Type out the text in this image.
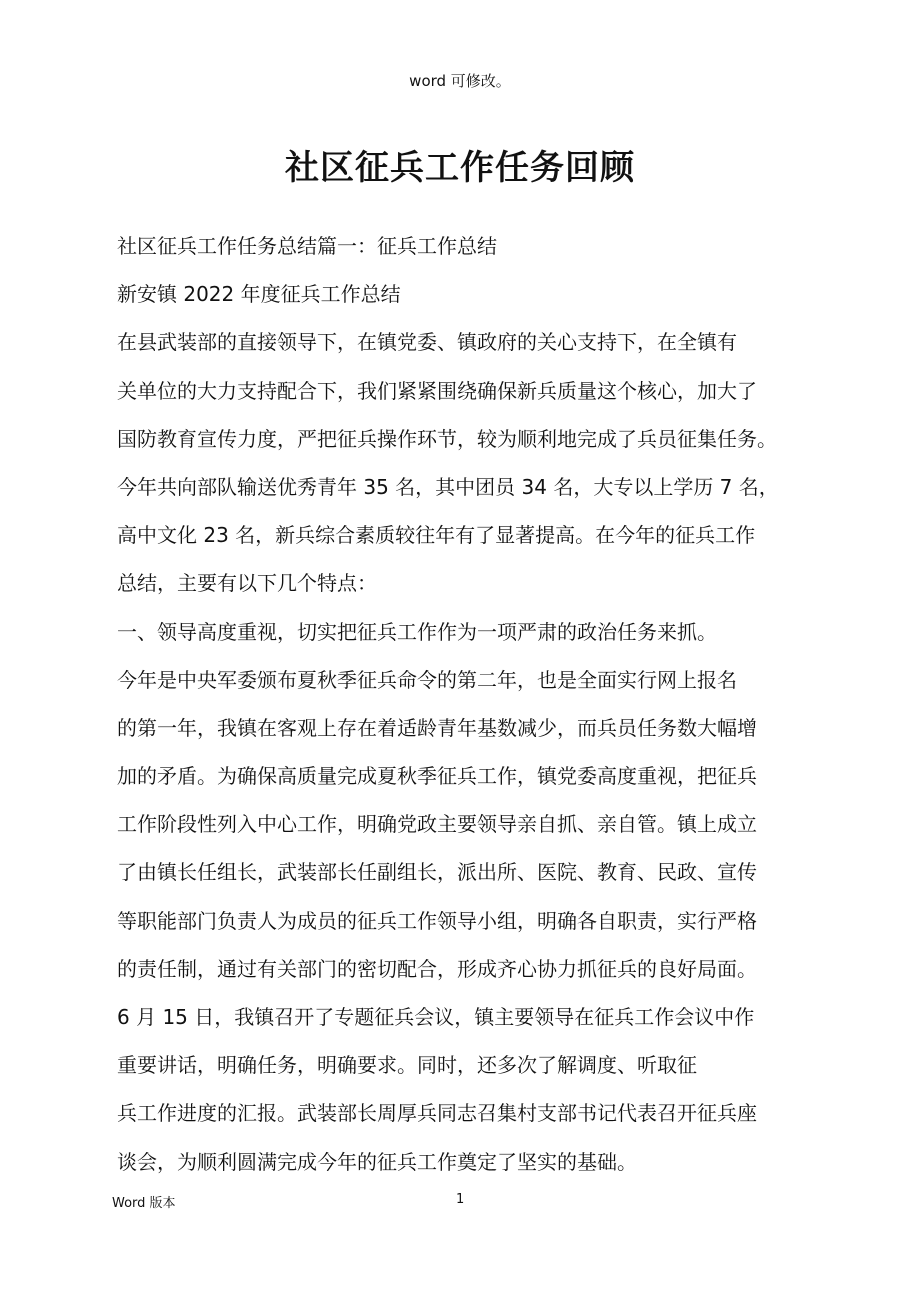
word 可修改。
社区征兵工作任务回顾
社区征兵工作任务总结篇一：征兵工作总结
新安镇 2022 年度征兵工作总结
在县武装部的直接领导下，在镇党委、镇政府的关心支持下，在全镇有
关单位的大力支持配合下，我们紧紧围绕确保新兵质量这个核心，加大了
国防教育宣传力度，严把征兵操作环节，较为顺利地完成了兵员征集任务。
今年共向部队输送优秀青年 35 名，其中团员 34 名，大专以上学历 7 名，
高中文化 23 名，新兵综合素质较往年有了显著提高。在今年的征兵工作
总结，主要有以下几个特点：
一、领导高度重视，切实把征兵工作作为一项严肃的政治任务来抓。
今年是中央军委颁布夏秋季征兵命令的第二年，也是全面实行网上报名
的第一年，我镇在客观上存在着适龄青年基数减少，而兵员任务数大幅增
加的矛盾。为确保高质量完成夏秋季征兵工作，镇党委高度重视，把征兵
工作阶段性列入中心工作，明确党政主要领导亲自抓、亲自管。镇上成立
了由镇长任组长，武装部长任副组长，派出所、医院、教育、民政、宣传
等职能部门负责人为成员的征兵工作领导小组，明确各自职责，实行严格
的责任制，通过有关部门的密切配合，形成齐心协力抓征兵的良好局面。
6 月 15 日，我镇召开了专题征兵会议，镇主要领导在征兵工作会议中作
重要讲话，明确任务，明确要求。同时，还多次了解调度、听取征
兵工作进度的汇报。武装部长周厚兵同志召集村支部书记代表召开征兵座
谈会，为顺利圆满完成今年的征兵工作奠定了坚实的基础。
Word 版本	1
